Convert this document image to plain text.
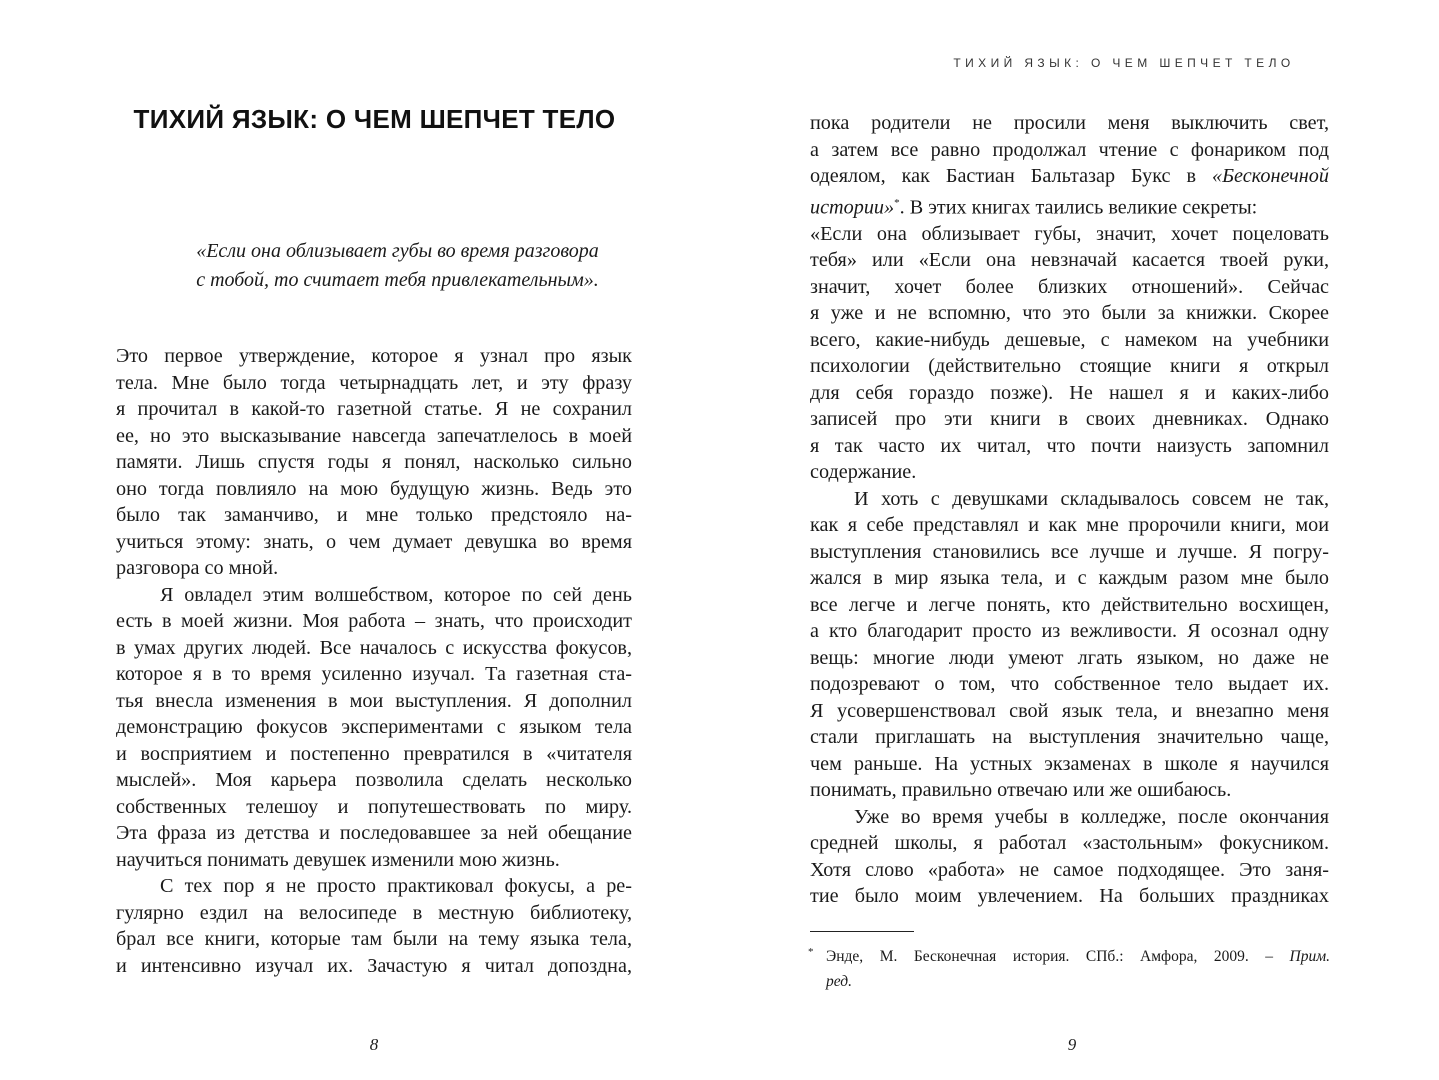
ТИХИЙ ЯЗЫК: О ЧЕМ ШЕПЧЕТ ТЕЛО
«Если она облизывает губы во время разговора
с тобой, то считает тебя привлекательным».
Это первое утверждение, которое я узнал про язык
тела. Мне было тогда четырнадцать лет, и эту фразу
я прочитал в какой-то газетной статье. Я не сохранил
ее, но это высказывание навсегда запечатлелось в моей
памяти. Лишь спустя годы я понял, насколько сильно
оно тогда повлияло на мою будущую жизнь. Ведь это
было так заманчиво, и мне только предстояло на-
учиться этому: знать, о чем думает девушка во время
разговора со мной.
Я овладел этим волшебством, которое по сей день
есть в моей жизни. Моя работа – знать, что происходит
в умах других людей. Все началось с искусства фокусов,
которое я в то время усиленно изучал. Та газетная ста-
тья внесла изменения в мои выступления. Я дополнил
демонстрацию фокусов экспериментами с языком тела
и восприятием и постепенно превратился в «читателя
мыслей». Моя карьера позволила сделать несколько
собственных телешоу и попутешествовать по миру.
Эта фраза из детства и последовавшее за ней обещание
научиться понимать девушек изменили мою жизнь.
С тех пор я не просто практиковал фокусы, а ре-
гулярно ездил на велосипеде в местную библиотеку,
брал все книги, которые там были на тему языка тела,
и интенсивно изучал их. Зачастую я читал допоздна,
8
ТИХИЙ ЯЗЫК: О ЧЕМ ШЕПЧЕТ ТЕЛО
пока родители не просили меня выключить свет,
а затем все равно продолжал чтение с фонариком под
одеялом, как Бастиан Бальтазар Букс в «Бесконечной
истории»*. В этих книгах таились великие секреты:
«Если она облизывает губы, значит, хочет поцеловать
тебя» или «Если она невзначай касается твоей руки,
значит, хочет более близких отношений». Сейчас
я уже и не вспомню, что это были за книжки. Скорее
всего, какие-нибудь дешевые, с намеком на учебники
психологии (действительно стоящие книги я открыл
для себя гораздо позже). Не нашел я и каких-либо
записей про эти книги в своих дневниках. Однако
я так часто их читал, что почти наизусть запомнил
содержание.
И хоть с девушками складывалось совсем не так,
как я себе представлял и как мне пророчили книги, мои
выступления становились все лучше и лучше. Я погру-
жался в мир языка тела, и с каждым разом мне было
все легче и легче понять, кто действительно восхищен,
а кто благодарит просто из вежливости. Я осознал одну
вещь: многие люди умеют лгать языком, но даже не
подозревают о том, что собственное тело выдает их.
Я усовершенствовал свой язык тела, и внезапно меня
стали приглашать на выступления значительно чаще,
чем раньше. На устных экзаменах в школе я научился
понимать, правильно отвечаю или же ошибаюсь.
Уже во время учебы в колледже, после окончания
средней школы, я работал «застольным» фокусником.
Хотя слово «работа» не самое подходящее. Это заня-
тие было моим увлечением. На больших праздниках
* Энде, М. Бесконечная история. СПб.: Амфора, 2009. – Прим.
ред.
9
